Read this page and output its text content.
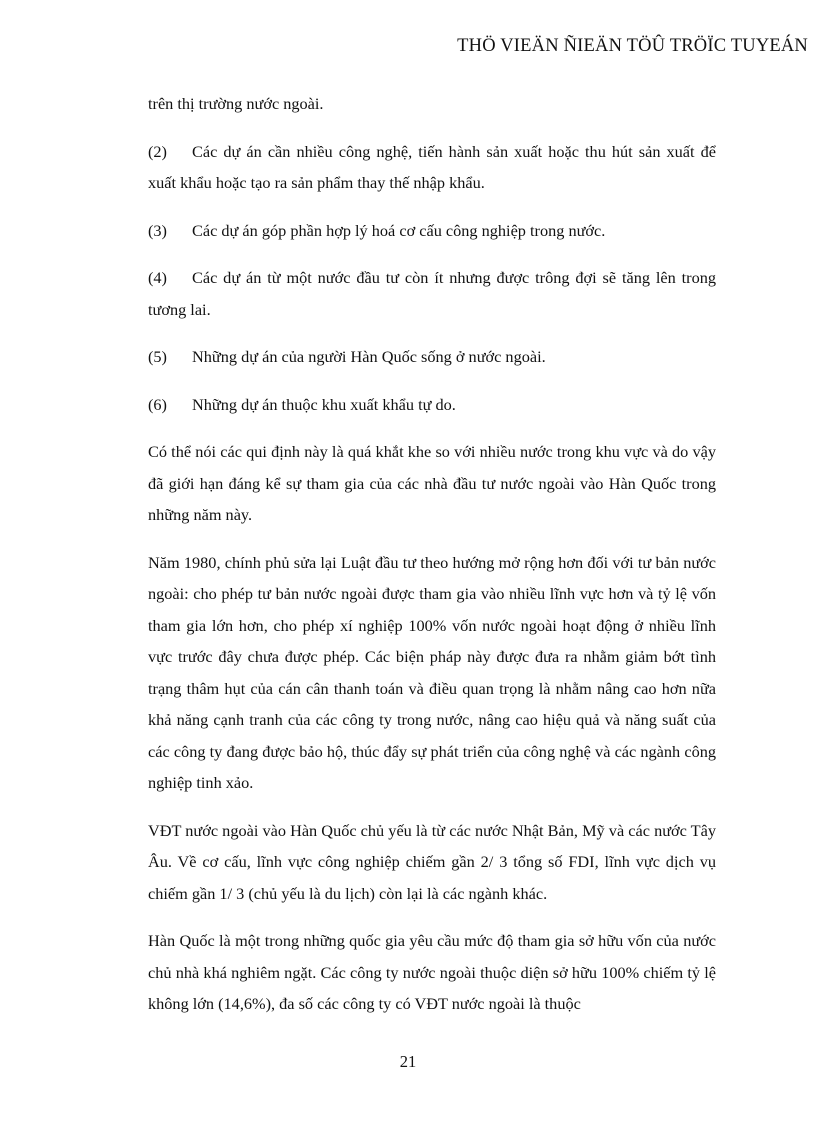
THÖ VIEÄN ÑIEÄN TÖÛ TRÖÏC TUYEÁN

trên thị trường nước ngoài.

(2) Các dự án cần nhiều công nghệ, tiến hành sản xuất hoặc thu hút sản xuất để xuất khẩu hoặc tạo ra sản phẩm thay thế nhập khẩu.

(3) Các dự án góp phần hợp lý hoá cơ cấu công nghiệp trong nước.

(4) Các dự án từ một nước đầu tư còn ít nhưng được trông đợi sẽ tăng lên trong tương lai.

(5) Những dự án của người Hàn Quốc sống ở nước ngoài.

(6) Những dự án thuộc khu xuất khẩu tự do.

Có thể nói các qui định này là quá khắt khe so với nhiều nước trong khu vực và do vậy đã giới hạn đáng kể sự tham gia của các nhà đầu tư nước ngoài vào Hàn Quốc trong những năm này.

Năm 1980, chính phủ sửa lại Luật đầu tư theo hướng mở rộng hơn đối với tư bản nước ngoài: cho phép tư bản nước ngoài được tham gia vào nhiều lĩnh vực hơn và tỷ lệ vốn tham gia lớn hơn, cho phép xí nghiệp 100% vốn nước ngoài hoạt động ở nhiều lĩnh vực trước đây chưa được phép. Các biện pháp này được đưa ra nhằm giảm bớt tình trạng thâm hụt của cán cân thanh toán và điều quan trọng là nhằm nâng cao hơn nữa khả năng cạnh tranh của các công ty trong nước, nâng cao hiệu quả và năng suất của các công ty đang được bảo hộ, thúc đẩy sự phát triển của công nghệ và các ngành công nghiệp tinh xảo.

VĐT nước ngoài vào Hàn Quốc chủ yếu là từ các nước Nhật Bản, Mỹ và các nước Tây Âu. Về cơ cấu, lĩnh vực công nghiệp chiếm gần 2/ 3 tổng số FDI, lĩnh vực dịch vụ chiếm gần 1/ 3 (chủ yếu là du lịch) còn lại là các ngành khác.

Hàn Quốc là một trong những quốc gia yêu cầu mức độ tham gia sở hữu vốn của nước chủ nhà khá nghiêm ngặt. Các công ty nước ngoài thuộc diện sở hữu 100% chiếm tỷ lệ không lớn (14,6%), đa số các công ty có VĐT nước ngoài là thuộc

21
